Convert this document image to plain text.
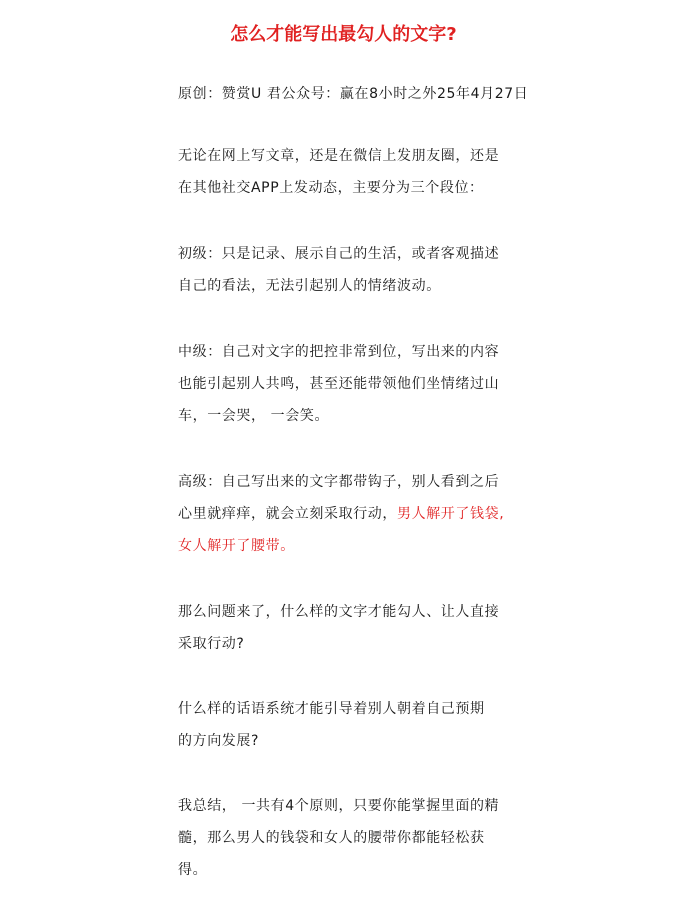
怎么才能写出最勾人的文字?
原创：赞赏U 君公众号：赢在8小时之外25年4月27日
无论在网上写文章，还是在微信上发朋友圈，还是
在其他社交APP上发动态，主要分为三个段位：
初级：只是记录、展示自己的生活，或者客观描述
自己的看法，无法引起别人的情绪波动。
中级：自己对文字的把控非常到位，写出来的内容
也能引起别人共鸣，甚至还能带领他们坐情绪过山
车，一会哭， 一会笑。
高级：自己写出来的文字都带钩子，别人看到之后
心里就痒痒，就会立刻采取行动，男人解开了钱袋,
女人解开了腰带。
那么问题来了，什么样的文字才能勾人、让人直接
采取行动?
什么样的话语系统才能引导着别人朝着自己预期
的方向发展?
我总结， 一共有4个原则，只要你能掌握里面的精
髓，那么男人的钱袋和女人的腰带你都能轻松获
得。
